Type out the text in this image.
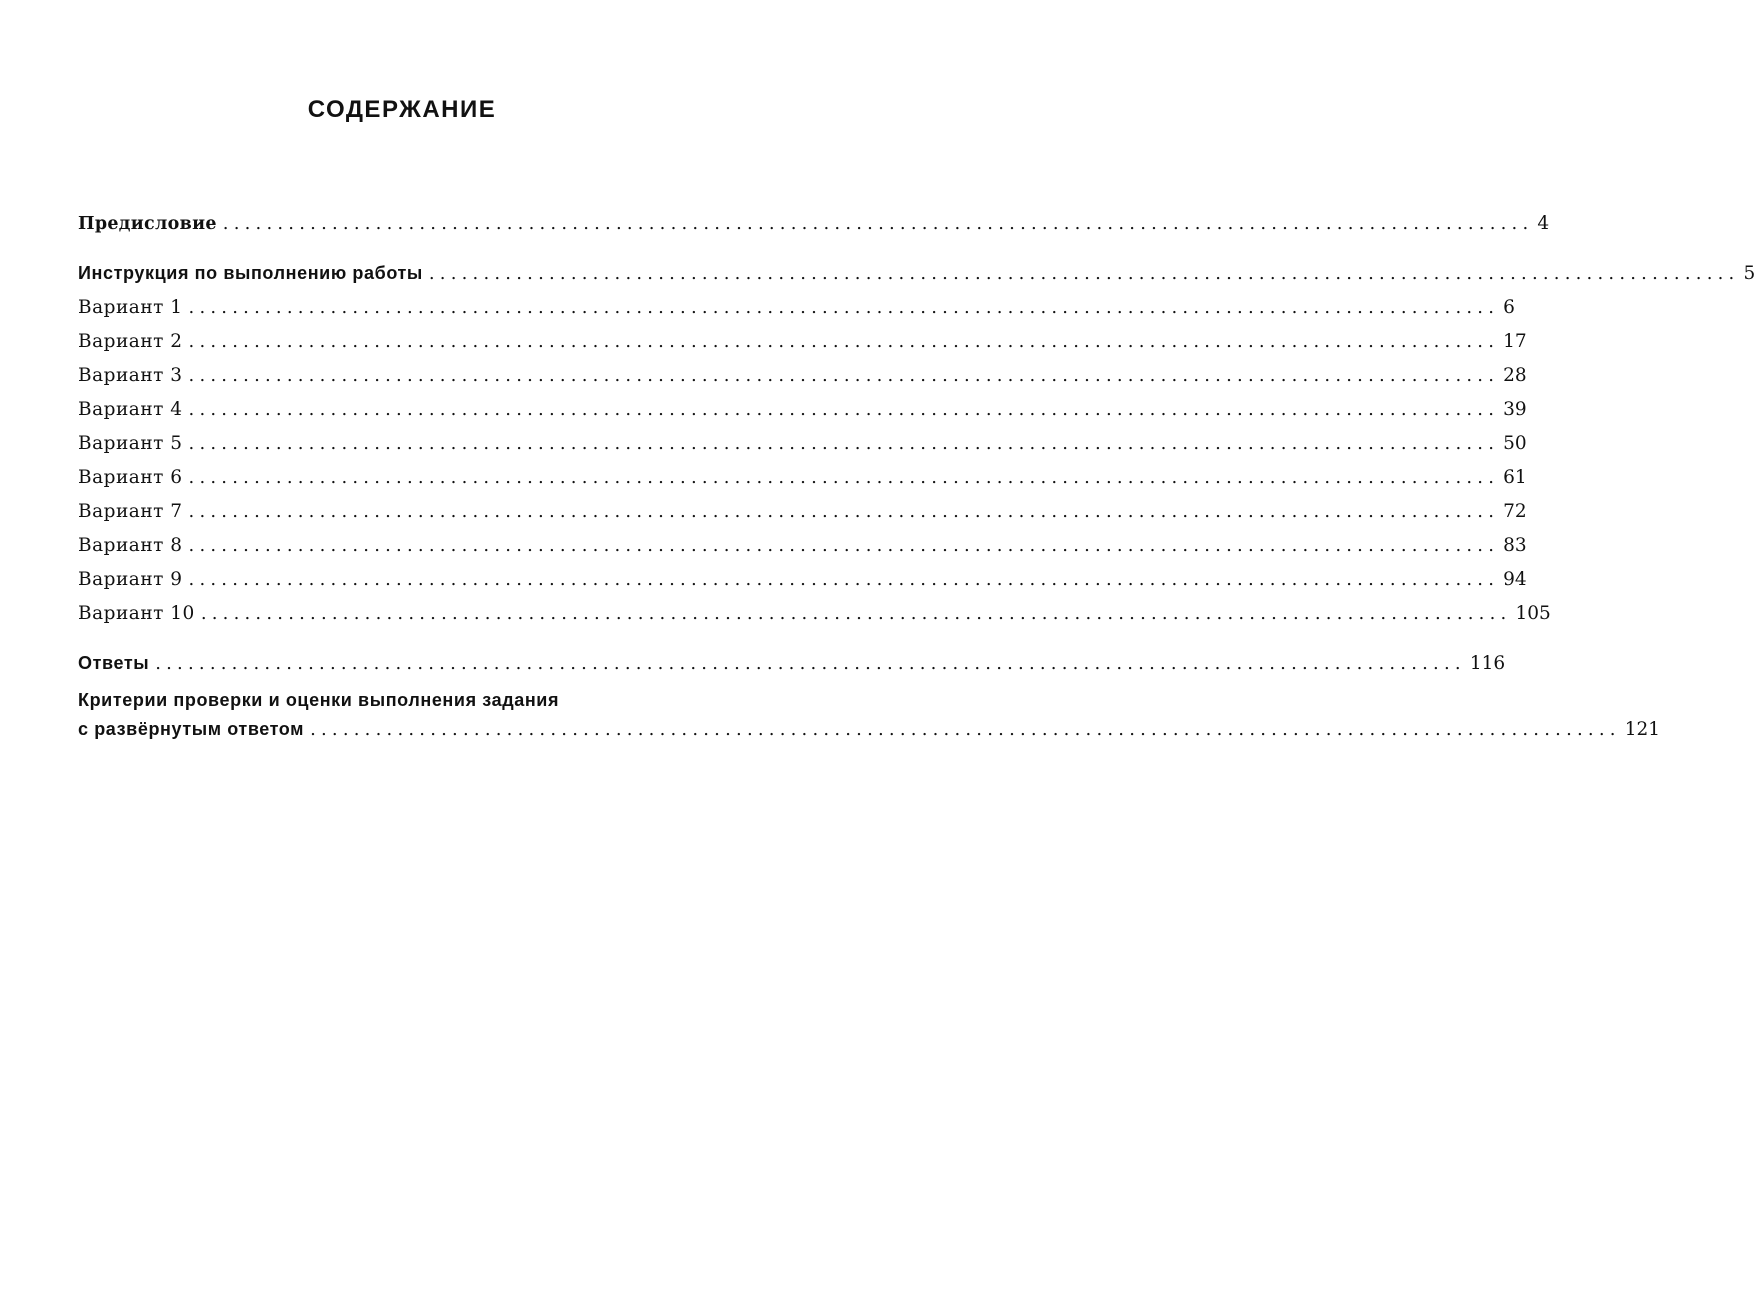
СОДЕРЖАНИЕ
Предисловие ........................................................................................................................ 4
Инструкция по выполнению работы ........................................................................................................................ 5
Вариант 1 ........................................................................................................................ 6
Вариант 2 ........................................................................................................................ 17
Вариант 3 ........................................................................................................................ 28
Вариант 4 ........................................................................................................................ 39
Вариант 5 ........................................................................................................................ 50
Вариант 6 ........................................................................................................................ 61
Вариант 7 ........................................................................................................................ 72
Вариант 8 ........................................................................................................................ 83
Вариант 9 ........................................................................................................................ 94
Вариант 10 ........................................................................................................................ 105
Ответы ........................................................................................................................ 116
Критерии проверки и оценки выполнения задания
с развёрнутым ответом ........................................................................................................................ 121
